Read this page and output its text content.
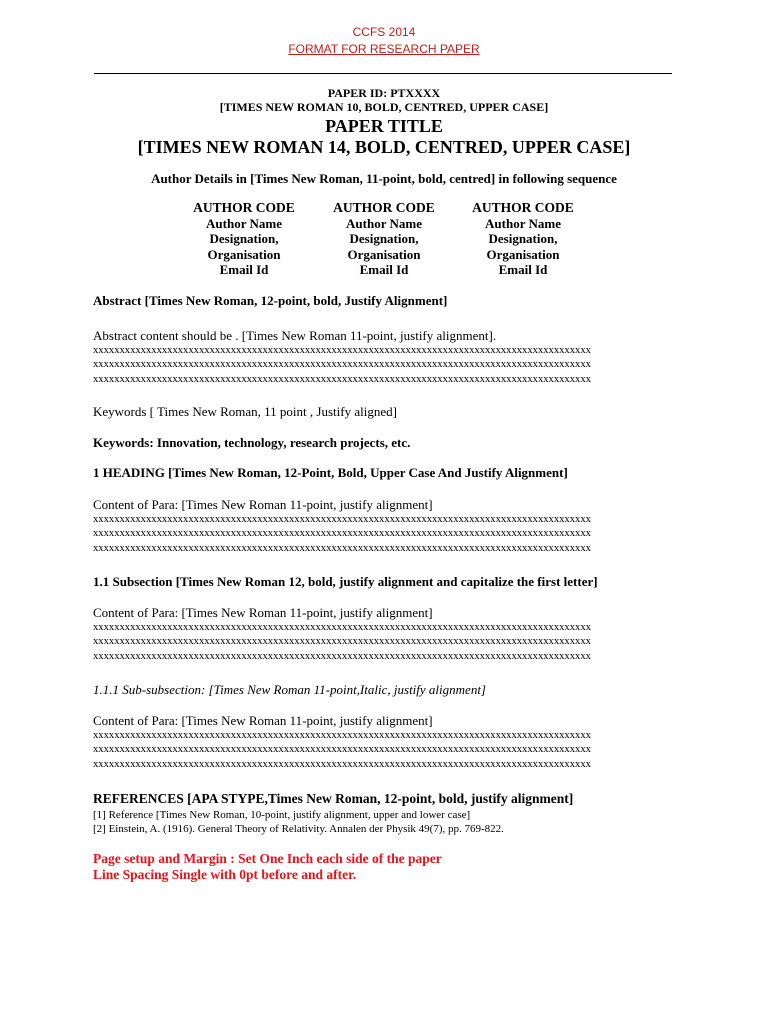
CCFS 2014
FORMAT FOR RESEARCH PAPER
PAPER ID: PTXXXX
[TIMES NEW ROMAN 10, BOLD, CENTRED, UPPER CASE]
PAPER TITLE
[TIMES NEW ROMAN 14, BOLD, CENTRED, UPPER CASE]
Author Details in [Times New Roman, 11-point, bold, centred] in following sequence
AUTHOR CODE
Author Name
Designation,
Organisation
Email Id
AUTHOR CODE
Author Name
Designation,
Organisation
Email Id
AUTHOR CODE
Author Name
Designation,
Organisation
Email Id
Abstract [Times New Roman, 12-point, bold, Justify Alignment]
Abstract content should be . [Times New Roman 11-point, justify alignment].
xxxxxxxxxxxxxxxxxxxxxxxxxxxxxxxxxxxxxxxxxxxxxxxxxxxxxxxxxxxxxxxxxxxxxxxxxxxxxxxxxxxxxxxxxxxxxx
xxxxxxxxxxxxxxxxxxxxxxxxxxxxxxxxxxxxxxxxxxxxxxxxxxxxxxxxxxxxxxxxxxxxxxxxxxxxxxxxxxxxxxxxxxxxxx
xxxxxxxxxxxxxxxxxxxxxxxxxxxxxxxxxxxxxxxxxxxxxxxxxxxxxxxxxxxxxxxxxxxxxxxxxxxxxxxxxxxxxxxxxxxxxx
Keywords [ Times New Roman, 11 point , Justify aligned]
Keywords: Innovation, technology, research projects, etc.
1 HEADING [Times New Roman, 12-Point, Bold, Upper Case And Justify Alignment]
Content of Para: [Times New Roman 11-point, justify alignment]
xxxxxxxxxxxxxxxxxxxxxxxxxxxxxxxxxxxxxxxxxxxxxxxxxxxxxxxxxxxxxxxxxxxxxxxxxxxxxxxxxxxxxxxxxxxxxx
xxxxxxxxxxxxxxxxxxxxxxxxxxxxxxxxxxxxxxxxxxxxxxxxxxxxxxxxxxxxxxxxxxxxxxxxxxxxxxxxxxxxxxxxxxxxxx
xxxxxxxxxxxxxxxxxxxxxxxxxxxxxxxxxxxxxxxxxxxxxxxxxxxxxxxxxxxxxxxxxxxxxxxxxxxxxxxxxxxxxxxxxxxxxx
1.1 Subsection [Times New Roman 12, bold, justify alignment and capitalize the first letter]
Content of Para: [Times New Roman 11-point, justify alignment]
xxxxxxxxxxxxxxxxxxxxxxxxxxxxxxxxxxxxxxxxxxxxxxxxxxxxxxxxxxxxxxxxxxxxxxxxxxxxxxxxxxxxxxxxxxxxxx
xxxxxxxxxxxxxxxxxxxxxxxxxxxxxxxxxxxxxxxxxxxxxxxxxxxxxxxxxxxxxxxxxxxxxxxxxxxxxxxxxxxxxxxxxxxxxx
xxxxxxxxxxxxxxxxxxxxxxxxxxxxxxxxxxxxxxxxxxxxxxxxxxxxxxxxxxxxxxxxxxxxxxxxxxxxxxxxxxxxxxxxxxxxxx
1.1.1 Sub-subsection: [Times New Roman 11-point,Italic, justify alignment]
Content of Para: [Times New Roman 11-point, justify alignment]
xxxxxxxxxxxxxxxxxxxxxxxxxxxxxxxxxxxxxxxxxxxxxxxxxxxxxxxxxxxxxxxxxxxxxxxxxxxxxxxxxxxxxxxxxxxxxx
xxxxxxxxxxxxxxxxxxxxxxxxxxxxxxxxxxxxxxxxxxxxxxxxxxxxxxxxxxxxxxxxxxxxxxxxxxxxxxxxxxxxxxxxxxxxxx
xxxxxxxxxxxxxxxxxxxxxxxxxxxxxxxxxxxxxxxxxxxxxxxxxxxxxxxxxxxxxxxxxxxxxxxxxxxxxxxxxxxxxxxxxxxxxx
REFERENCES [APA STYPE,Times New Roman, 12-point, bold, justify alignment]
[1] Reference [Times New Roman, 10-point, justify alignment, upper and lower case]
[2] Einstein, A. (1916). General Theory of Relativity. Annalen der Physik 49(7), pp. 769-822.
Page setup and Margin : Set One Inch each side of the paper
Line Spacing Single with 0pt before and after.
